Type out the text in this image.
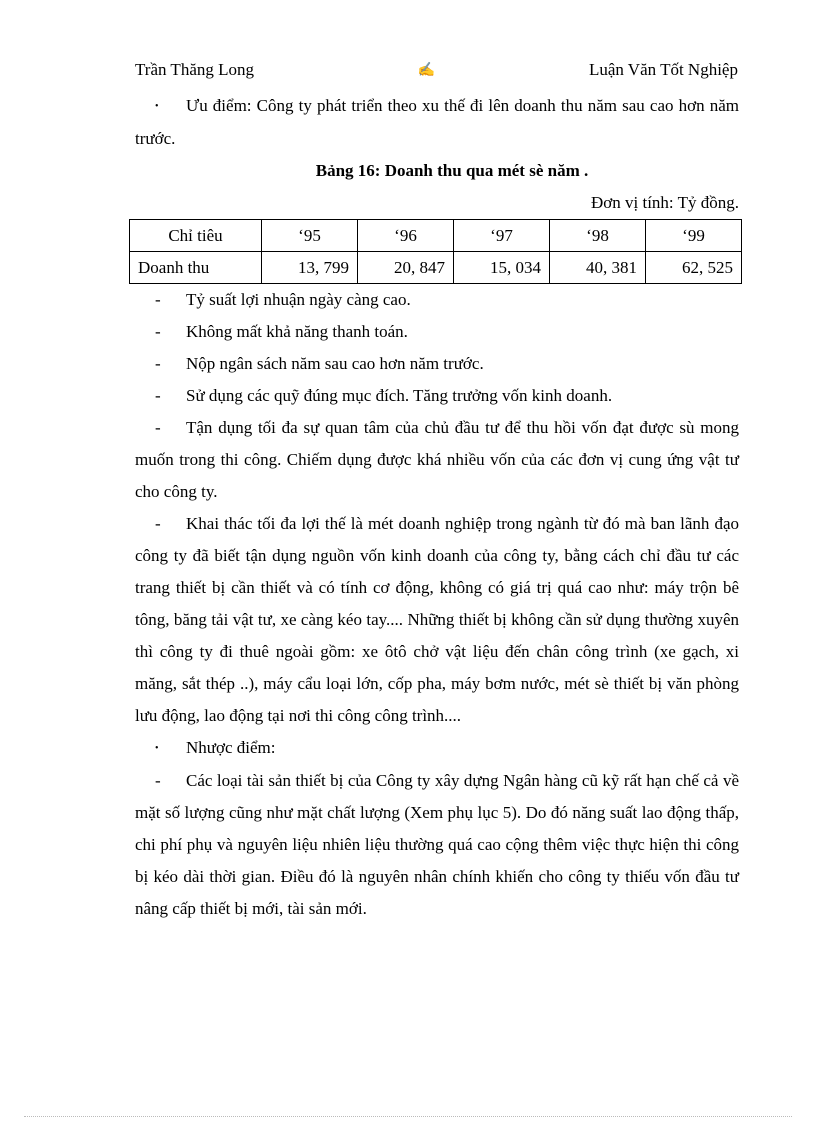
Trần Thăng Long	✍	Luận Văn Tốt Nghiệp
• Ưu điểm: Công ty phát triển theo xu thế đi lên doanh thu năm sau cao hơn năm trước.
Bảng 16: Doanh thu qua mét sè năm .
Đơn vị tính: Tỷ đồng.
Chỉ tiêu	‘95	‘96	‘97	‘98	‘99
Doanh thu	13, 799	20, 847	15, 034	40, 381	62, 525
- Tỷ suất lợi nhuận ngày càng cao.
- Không mất khả năng thanh toán.
- Nộp ngân sách năm sau cao hơn năm trước.
- Sử dụng các quỹ đúng mục đích. Tăng trưởng vốn kinh doanh.
- Tận dụng tối đa sự quan tâm của chủ đầu tư để thu hồi vốn đạt được sù mong muốn trong thi công. Chiếm dụng được khá nhiều vốn của các đơn vị cung ứng vật tư cho công ty.
- Khai thác tối đa lợi thế là mét doanh nghiệp trong ngành từ đó mà ban lãnh đạo công ty đã biết tận dụng nguồn vốn kinh doanh của công ty, bằng cách chỉ đầu tư các trang thiết bị cần thiết và có tính cơ động, không có giá trị quá cao như: máy trộn bê tông, băng tải vật tư, xe càng kéo tay.... Những thiết bị không cần sử dụng thường xuyên thì công ty đi thuê ngoài gồm: xe ôtô chở vật liệu đến chân công trình (xe gạch, xi măng, sắt thép ..), máy cẩu loại lớn, cốp pha, máy bơm nước, mét sè thiết bị văn phòng lưu động, lao động tại nơi thi công công trình....
• Nhược điểm:
- Các loại tài sản thiết bị của Công ty xây dựng Ngân hàng cũ kỹ rất hạn chế cả về mặt số lượng cũng như mặt chất lượng (Xem phụ lục 5). Do đó năng suất lao động thấp, chi phí phụ và nguyên liệu nhiên liệu thường quá cao cộng thêm việc thực hiện thi công bị kéo dài thời gian. Điều đó là nguyên nhân chính khiến cho công ty thiếu vốn đầu tư nâng cấp thiết bị mới, tài sản mới.
